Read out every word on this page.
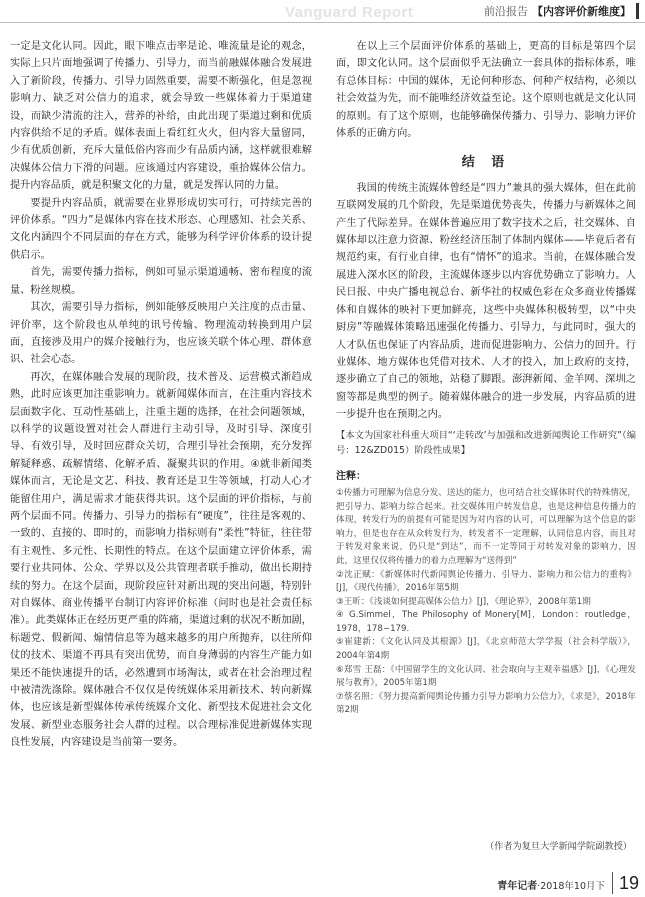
Vanguard Report	前沿报告 【内容评价新维度】

一定是文化认同。因此，眼下唯点击率是论、唯流量是论的观念，实际上只片面地强调了传播力、引导力，而当前融媒体融合发展进入了新阶段，传播力、引导力固然重要，需要不断强化，但是忽视影响力、缺乏对公信力的追求，就会导致一些媒体着力于渠道建设，而缺少清流的注入，营养的补给，由此出现了渠道过剩和优质内容供给不足的矛盾。媒体表面上看红红火火，但内容大量留同，少有优质创新，充斥大量低俗内容而少有品质内涵，这样就很难解决媒体公信力下滑的问题。应该通过内容建设，重拾媒体公信力。提升内容品质，就是积聚文化的力量，就是发挥认同的力量。

要提升内容品质，就需要在业界形成切实可行，可持续完善的评价体系。“四力”是媒体内容在技术形态、心理感知、社会关系、文化内涵四个不同层面的存在方式，能够为科学评价体系的设计提供启示。

首先，需要传播力指标，例如可显示渠道通畅、密布程度的流量、粉丝规模。

其次，需要引导力指标，例如能够反映用户关注度的点击量、评价率，这个阶段也从单纯的讯号传输、物理流动转换到用户层面，直接涉及用户的媒介接触行为，也应该关联个体心理、群体意识、社会心态。

再次，在媒体融合发展的现阶段，技术普及、运营模式渐趋成熟，此时应该更加注重影响力。就新闻媒体而言，在注重内容技术层面数字化、互动性基础上，注重主题的选择，在社会问题领域，以科学的议题设置对社会人群进行主动引导，及时引导、深度引导、有效引导，及时回应群众关切，合理引导社会预期，充分发挥解疑释惑、疏解情绪、化解矛盾、凝聚共识的作用。④就非新闻类媒体而言，无论是文艺、科技、教育还是卫生等领域，打动人心才能留住用户，满足需求才能获得共识。这个层面的评价指标，与前两个层面不同。传播力、引导力的指标有“硬度”，往往是客观的、一致的、直接的、即时的，而影响力指标则有“柔性”特征，往往带有主观性、多元性、长期性的特点。在这个层面建立评价体系，需要行业共同体、公众、学界以及公共管理者联手推动，做出长期持续的努力。在这个层面，现阶段应针对新出现的突出问题，特别针对自媒体、商业传播平台制订内容评价标准（问时也是社会责任标准）。此类媒体正在经历更严重的阵痛，渠道过剩的状况不断加剧，标题党、假新闻、煽情信息等为越来越多的用户所抛弃，以往所仰仗的技术、渠道不再具有突出优势，而自身薄弱的内容生产能力如果还不能快速提升的话，必然遭到市场淘汰，或者在社会治理过程中被清洗涤除。媒体融合不仅仅是传统媒体采用新技术、转向新媒体，也应该是新型媒体传承传统媒介文化、新型技术促进社会文化发展、新型业态服务社会人群的过程。以合理标准促进新媒体实现良性发展，内容建设是当前第一要务。

在以上三个层面评价体系的基础上，更高的目标是第四个层面，即文化认同。这个层面似乎无法确立一套具体的指标体系，唯有总体目标：中国的媒体，无论何种形态、何种产权结构，必须以社会效益为先，而不能唯经济效益至论。这个原则也就是文化认同的原则。有了这个原则，也能够确保传播力、引导力、影响力评价体系的正确方向。

结 语

我国的传统主流媒体曾经是“四力”兼具的强大媒体，但在此前互联网发展的几个阶段，先是渠道优势丧失，传播力与新媒体之间产生了代际差异。在媒体普遍应用了数字技术之后，社交媒体、自媒体却以注意力资源、粉丝经济压制了体制内媒体——毕竟后者有规范约束，有行业自律，也有“情怀”的追求。当前，在媒体融合发展进入深水区的阶段，主流媒体逐步以内容优势确立了影响力。人民日报、中央广播电视总台、新华社的权威色彩在众多商业传播媒体和自媒体的映衬下更加鲜亮，这些中央媒体积极转型，以“中央厨房”等融媒体策略迅速强化传播力、引导力，与此同时，强大的人才队伍也保证了内容品质，进而促进影响力、公信力的回升。行业媒体、地方媒体也凭借对技术、人才的投入，加上政府的支持，逐步确立了自己的领地，站稳了脚跟。澎湃新闻、金羊网、深圳之窗等都是典型的例子。随着媒体融合的进一步发展，内容品质的进一步提升也在预期之内。

【本文为国家社科重大项目“‘走转改’与加强和改进新闻舆论工作研究”（编号：12&ZD015）阶段性成果】
注释：
①传播力可理解为信息分发、送达的能力，也可结合社交媒体时代的特殊情况，把引导力、影响力综合起来。社交媒体用户转发信息，也是这种信息传播力的体现，转发行为的前提有可能是因为对内容的认可，可以理解为这个信息的影响力，但是也存在从众转发行为，转发者不一定理解，认同信息内容，而且对于转发对象来说，仍只是“到达”，而不一定等同于对转发对象的影响力，因此，这里仅仅将传播力的着力点理解为“送得到”
②沈正赋：《新媒体时代新闻舆论传播力、引导力、影响力和公信力的重构》[J]，《现代传播》，2016年第5期
③王昕：《浅谈如何提高媒体公信力》[J]，《理论界》，2008年第1期
④ G.Simmel，The Philosophy of Monery[M]，London：routledge，1978，178−179.
⑤崔建新：《文化认同及其根源》[J]，《北京师范大学学报（社会科学版）》，2004年第4期
⑥郑雪 王磊：《中国留学生的文化认同、社会取向与主观幸福感》[J]，《心理发展与教育》，2005年第1期
⑦蔡名照：《努力提高新闻舆论传播力引导力影响力公信力》，《求是》，2018年第2期
（作者为复旦大学新闻学院副教授）
青年记者·2018年10月下 19
